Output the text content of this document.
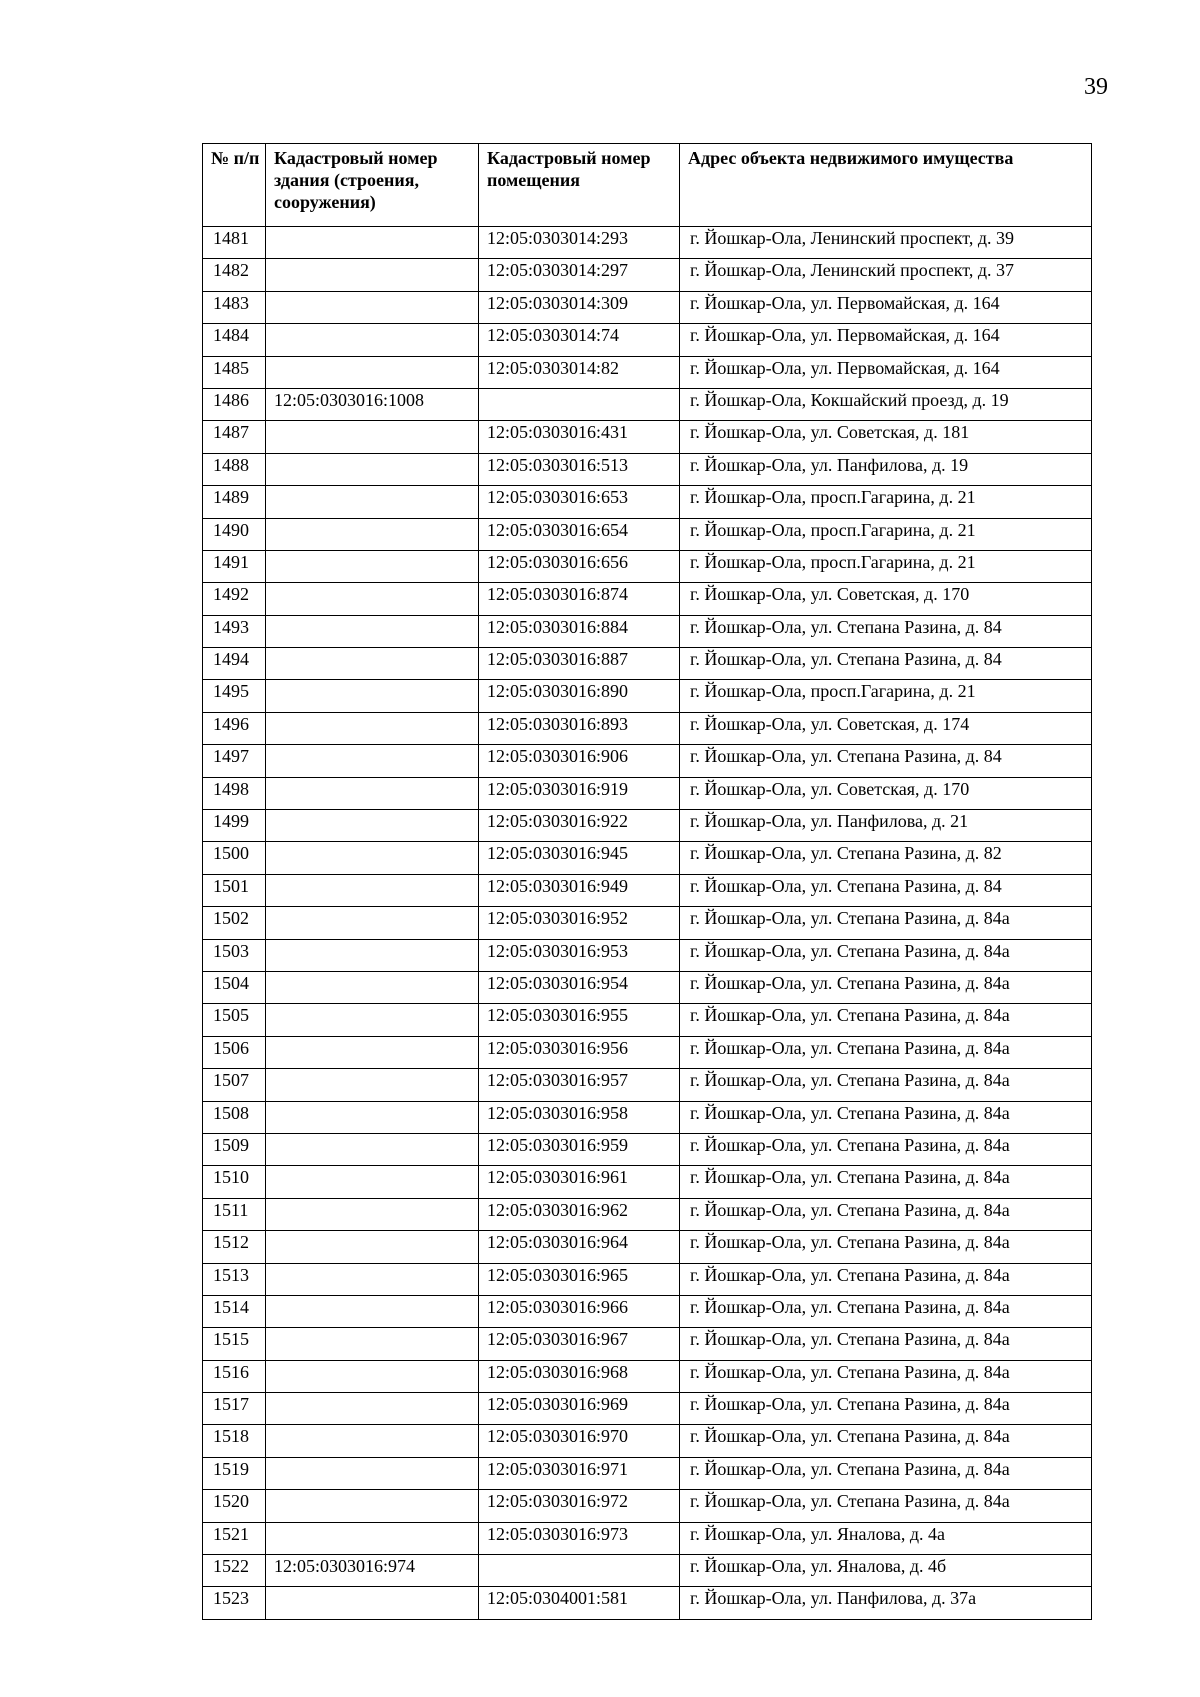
39
№ п/п	Кадастровый номер здания (строения, сооружения)	Кадастровый номер помещения	Адрес объекта недвижимого имущества
1481		12:05:0303014:293	г. Йошкар-Ола, Ленинский проспект, д. 39
1482		12:05:0303014:297	г. Йошкар-Ола, Ленинский проспект, д. 37
1483		12:05:0303014:309	г. Йошкар-Ола, ул. Первомайская, д. 164
1484		12:05:0303014:74	г. Йошкар-Ола, ул. Первомайская, д. 164
1485		12:05:0303014:82	г. Йошкар-Ола, ул. Первомайская, д. 164
1486	12:05:0303016:1008		г. Йошкар-Ола, Кокшайский проезд, д. 19
1487		12:05:0303016:431	г. Йошкар-Ола, ул. Советская, д. 181
1488		12:05:0303016:513	г. Йошкар-Ола, ул. Панфилова, д. 19
1489		12:05:0303016:653	г. Йошкар-Ола, просп.Гагарина, д. 21
1490		12:05:0303016:654	г. Йошкар-Ола, просп.Гагарина, д. 21
1491		12:05:0303016:656	г. Йошкар-Ола, просп.Гагарина, д. 21
1492		12:05:0303016:874	г. Йошкар-Ола, ул. Советская, д. 170
1493		12:05:0303016:884	г. Йошкар-Ола, ул. Степана Разина, д. 84
1494		12:05:0303016:887	г. Йошкар-Ола, ул. Степана Разина, д. 84
1495		12:05:0303016:890	г. Йошкар-Ола, просп.Гагарина, д. 21
1496		12:05:0303016:893	г. Йошкар-Ола, ул. Советская, д. 174
1497		12:05:0303016:906	г. Йошкар-Ола, ул. Степана Разина, д. 84
1498		12:05:0303016:919	г. Йошкар-Ола, ул. Советская, д. 170
1499		12:05:0303016:922	г. Йошкар-Ола, ул. Панфилова, д. 21
1500		12:05:0303016:945	г. Йошкар-Ола, ул. Степана Разина, д. 82
1501		12:05:0303016:949	г. Йошкар-Ола, ул. Степана Разина, д. 84
1502		12:05:0303016:952	г. Йошкар-Ола, ул. Степана Разина, д. 84а
1503		12:05:0303016:953	г. Йошкар-Ола, ул. Степана Разина, д. 84а
1504		12:05:0303016:954	г. Йошкар-Ола, ул. Степана Разина, д. 84а
1505		12:05:0303016:955	г. Йошкар-Ола, ул. Степана Разина, д. 84а
1506		12:05:0303016:956	г. Йошкар-Ола, ул. Степана Разина, д. 84а
1507		12:05:0303016:957	г. Йошкар-Ола, ул. Степана Разина, д. 84а
1508		12:05:0303016:958	г. Йошкар-Ола, ул. Степана Разина, д. 84а
1509		12:05:0303016:959	г. Йошкар-Ола, ул. Степана Разина, д. 84а
1510		12:05:0303016:961	г. Йошкар-Ола, ул. Степана Разина, д. 84а
1511		12:05:0303016:962	г. Йошкар-Ола, ул. Степана Разина, д. 84а
1512		12:05:0303016:964	г. Йошкар-Ола, ул. Степана Разина, д. 84а
1513		12:05:0303016:965	г. Йошкар-Ола, ул. Степана Разина, д. 84а
1514		12:05:0303016:966	г. Йошкар-Ола, ул. Степана Разина, д. 84а
1515		12:05:0303016:967	г. Йошкар-Ола, ул. Степана Разина, д. 84а
1516		12:05:0303016:968	г. Йошкар-Ола, ул. Степана Разина, д. 84а
1517		12:05:0303016:969	г. Йошкар-Ола, ул. Степана Разина, д. 84а
1518		12:05:0303016:970	г. Йошкар-Ола, ул. Степана Разина, д. 84а
1519		12:05:0303016:971	г. Йошкар-Ола, ул. Степана Разина, д. 84а
1520		12:05:0303016:972	г. Йошкар-Ола, ул. Степана Разина, д. 84а
1521		12:05:0303016:973	г. Йошкар-Ола, ул. Яналова, д. 4а
1522	12:05:0303016:974		г. Йошкар-Ола, ул. Яналова, д. 4б
1523		12:05:0304001:581	г. Йошкар-Ола, ул. Панфилова, д. 37а
